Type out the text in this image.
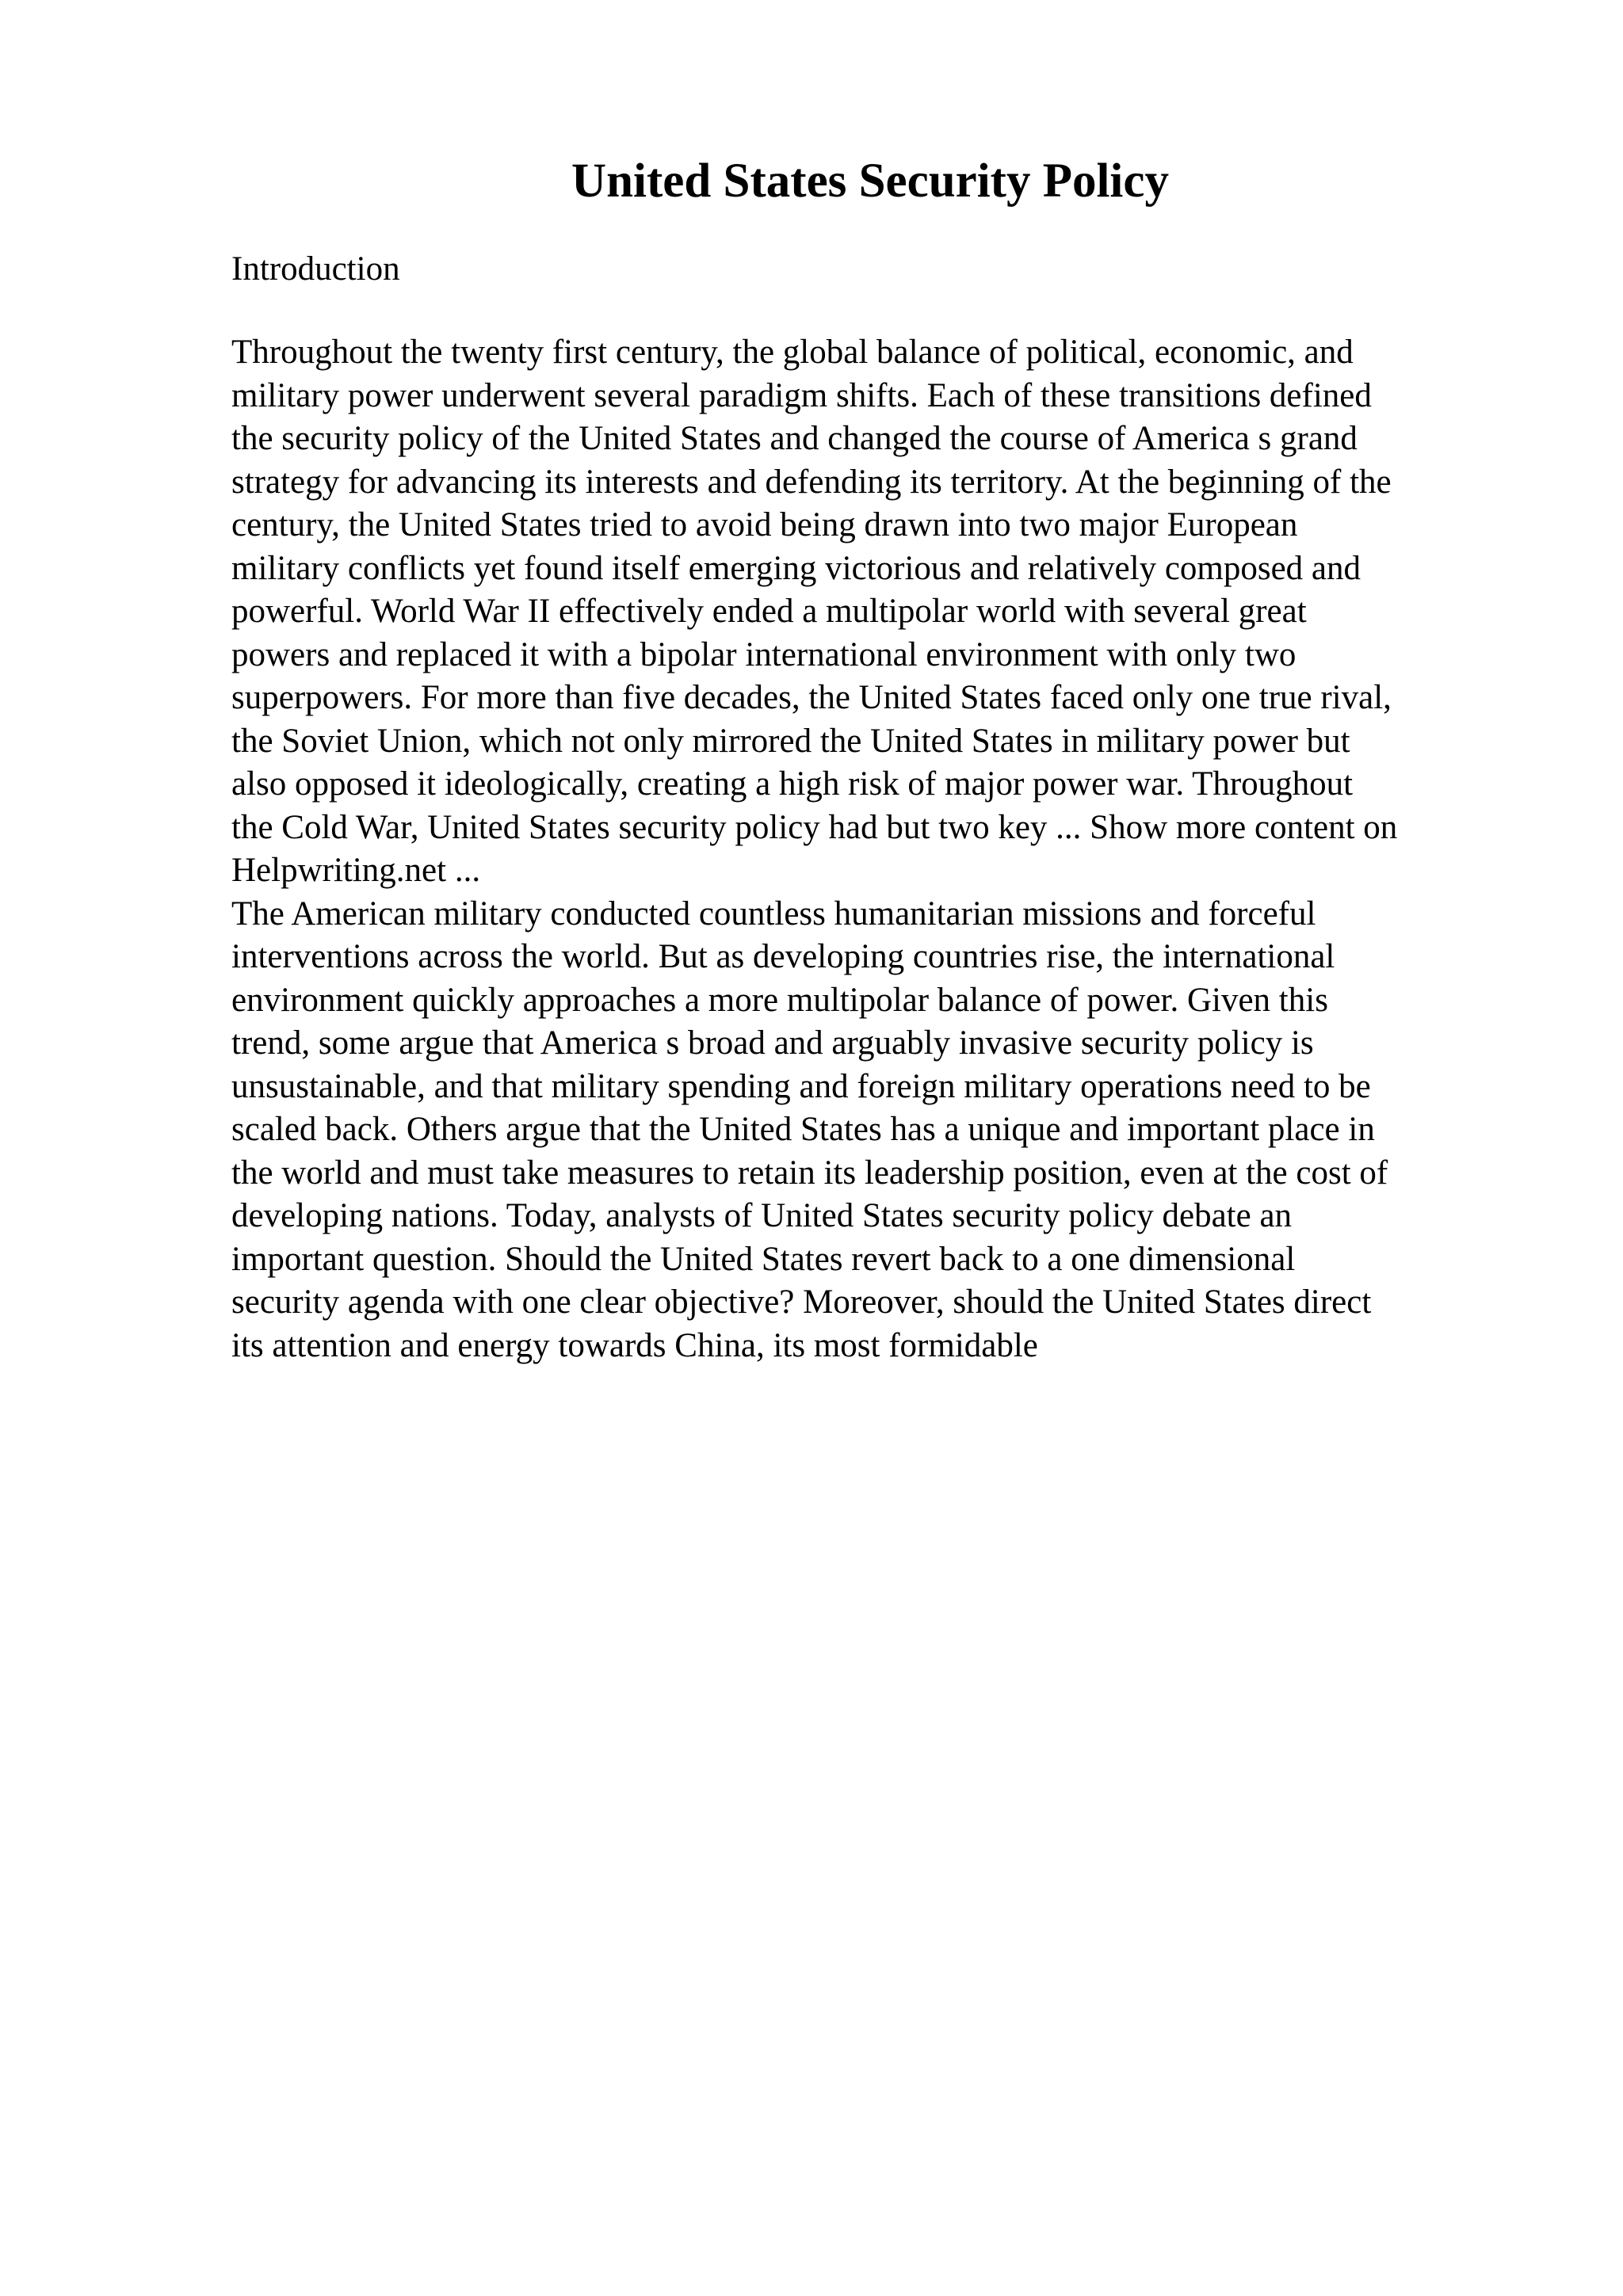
United States Security Policy
Introduction
Throughout the twenty first century, the global balance of political, economic, and
military power underwent several paradigm shifts. Each of these transitions defined
the security policy of the United States and changed the course of America s grand
strategy for advancing its interests and defending its territory. At the beginning of the
century, the United States tried to avoid being drawn into two major European
military conflicts yet found itself emerging victorious and relatively composed and
powerful. World War II effectively ended a multipolar world with several great
powers and replaced it with a bipolar international environment with only two
superpowers. For more than five decades, the United States faced only one true rival,
the Soviet Union, which not only mirrored the United States in military power but
also opposed it ideologically, creating a high risk of major power war. Throughout
the Cold War, United States security policy had but two key ... Show more content on
Helpwriting.net ...
The American military conducted countless humanitarian missions and forceful
interventions across the world. But as developing countries rise, the international
environment quickly approaches a more multipolar balance of power. Given this
trend, some argue that America s broad and arguably invasive security policy is
unsustainable, and that military spending and foreign military operations need to be
scaled back. Others argue that the United States has a unique and important place in
the world and must take measures to retain its leadership position, even at the cost of
developing nations. Today, analysts of United States security policy debate an
important question. Should the United States revert back to a one dimensional
security agenda with one clear objective? Moreover, should the United States direct
its attention and energy towards China, its most formidable
